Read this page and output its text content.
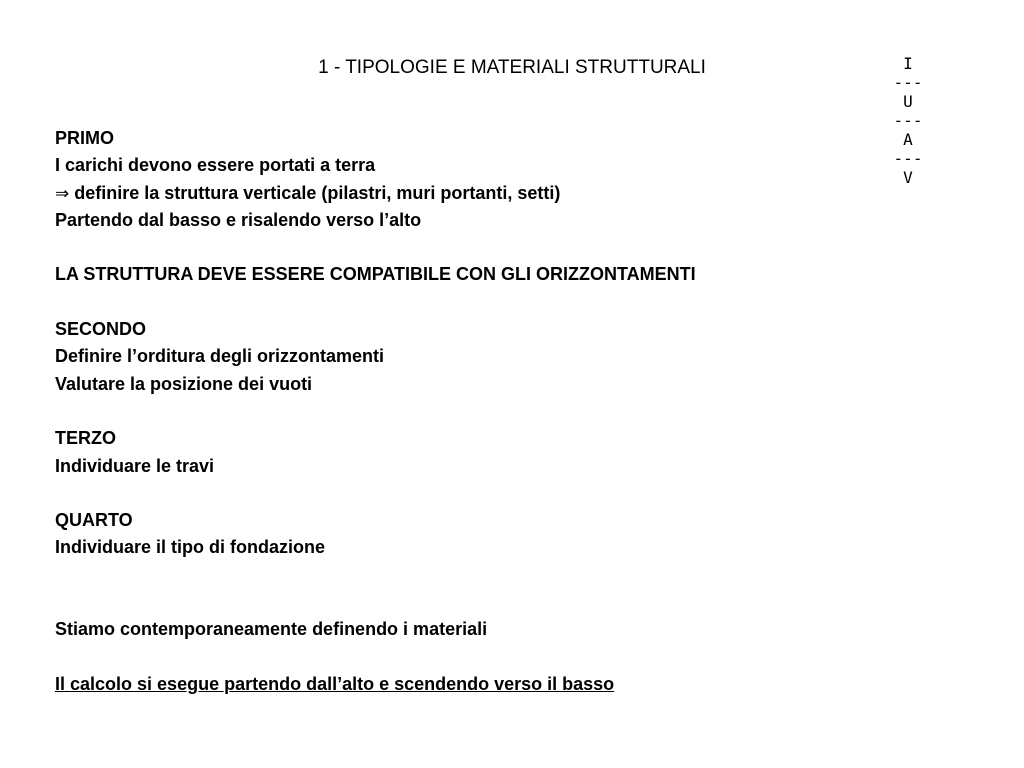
1 - TIPOLOGIE E MATERIALI STRUTTURALI	I
---
U
---
A
---
V
PRIMO
I carichi devono essere portati a terra
⇒ definire la struttura verticale (pilastri, muri portanti, setti)
Partendo dal basso e risalendo verso l’alto
LA STRUTTURA DEVE ESSERE COMPATIBILE CON GLI ORIZZONTAMENTI
SECONDO
Definire l’orditura degli orizzontamenti
Valutare la posizione dei vuoti
TERZO
Individuare le travi
QUARTO
Individuare il tipo di fondazione
Stiamo contemporaneamente definendo i materiali
Il calcolo si esegue partendo dall’alto e scendendo verso il basso
